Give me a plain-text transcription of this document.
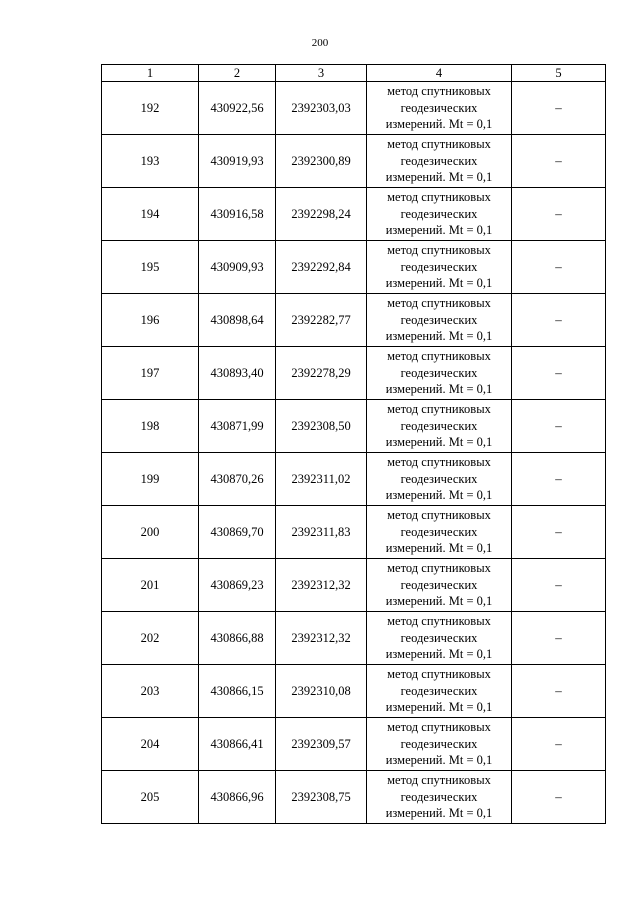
200
1	2	3	4	5
192	430922,56	2392303,03	метод спутниковых
геодезических
измерений. Mt = 0,1	–
193	430919,93	2392300,89	метод спутниковых
геодезических
измерений. Mt = 0,1	–
194	430916,58	2392298,24	метод спутниковых
геодезических
измерений. Mt = 0,1	–
195	430909,93	2392292,84	метод спутниковых
геодезических
измерений. Mt = 0,1	–
196	430898,64	2392282,77	метод спутниковых
геодезических
измерений. Mt = 0,1	–
197	430893,40	2392278,29	метод спутниковых
геодезических
измерений. Mt = 0,1	–
198	430871,99	2392308,50	метод спутниковых
геодезических
измерений. Mt = 0,1	–
199	430870,26	2392311,02	метод спутниковых
геодезических
измерений. Mt = 0,1	–
200	430869,70	2392311,83	метод спутниковых
геодезических
измерений. Mt = 0,1	–
201	430869,23	2392312,32	метод спутниковых
геодезических
измерений. Mt = 0,1	–
202	430866,88	2392312,32	метод спутниковых
геодезических
измерений. Mt = 0,1	–
203	430866,15	2392310,08	метод спутниковых
геодезических
измерений. Mt = 0,1	–
204	430866,41	2392309,57	метод спутниковых
геодезических
измерений. Mt = 0,1	–
205	430866,96	2392308,75	метод спутниковых
геодезических
измерений. Mt = 0,1	–
